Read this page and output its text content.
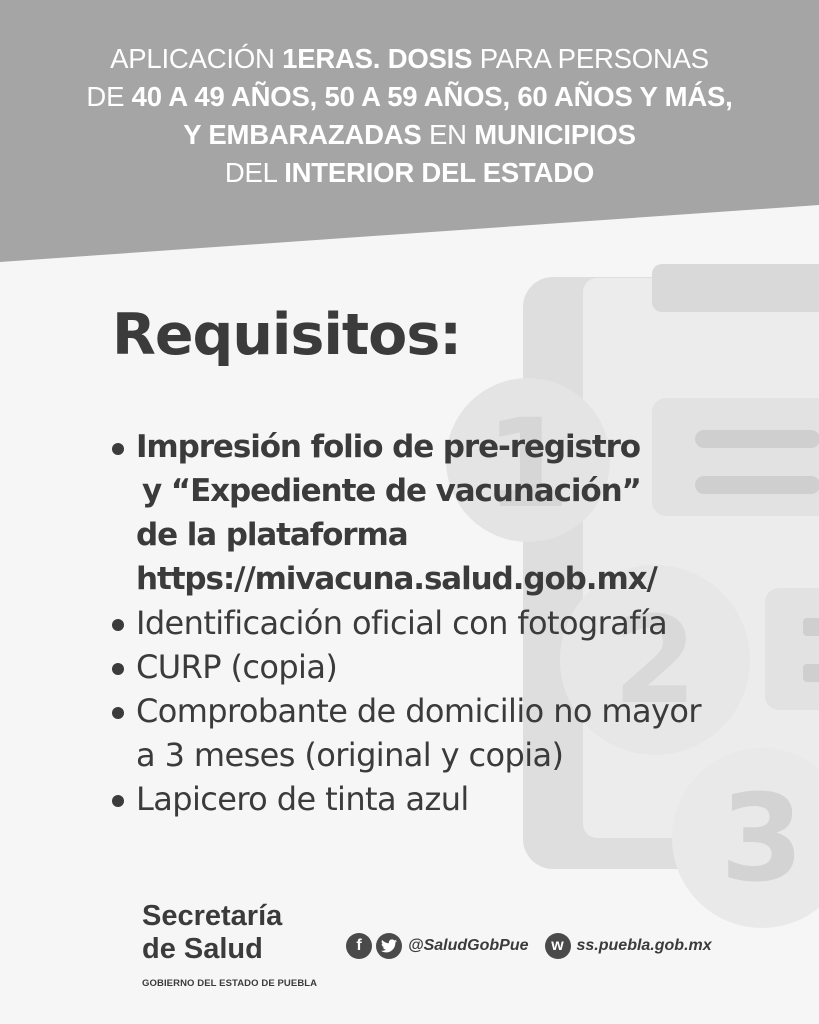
APLICACIÓN 1ERAS. DOSIS PARA PERSONAS
DE 40 A 49 AÑOS, 50 A 59 AÑOS, 60 AÑOS Y MÁS,
Y EMBARAZADAS EN MUNICIPIOS
DEL INTERIOR DEL ESTADO
1
2
3
Requisitos:
Impresión folio de pre-registro
y “Expediente de vacunación”
de la plataforma
https://mivacuna.salud.gob.mx/
Identificación oficial con fotografía
CURP (copia)
Comprobante de domicilio no mayor
a 3 meses (original y copia)
Lapicero de tinta azul
Secretaría
de Salud
GOBIERNO DEL ESTADO DE PUEBLA
f	@SaludGobPue	w ss.puebla.gob.mx
